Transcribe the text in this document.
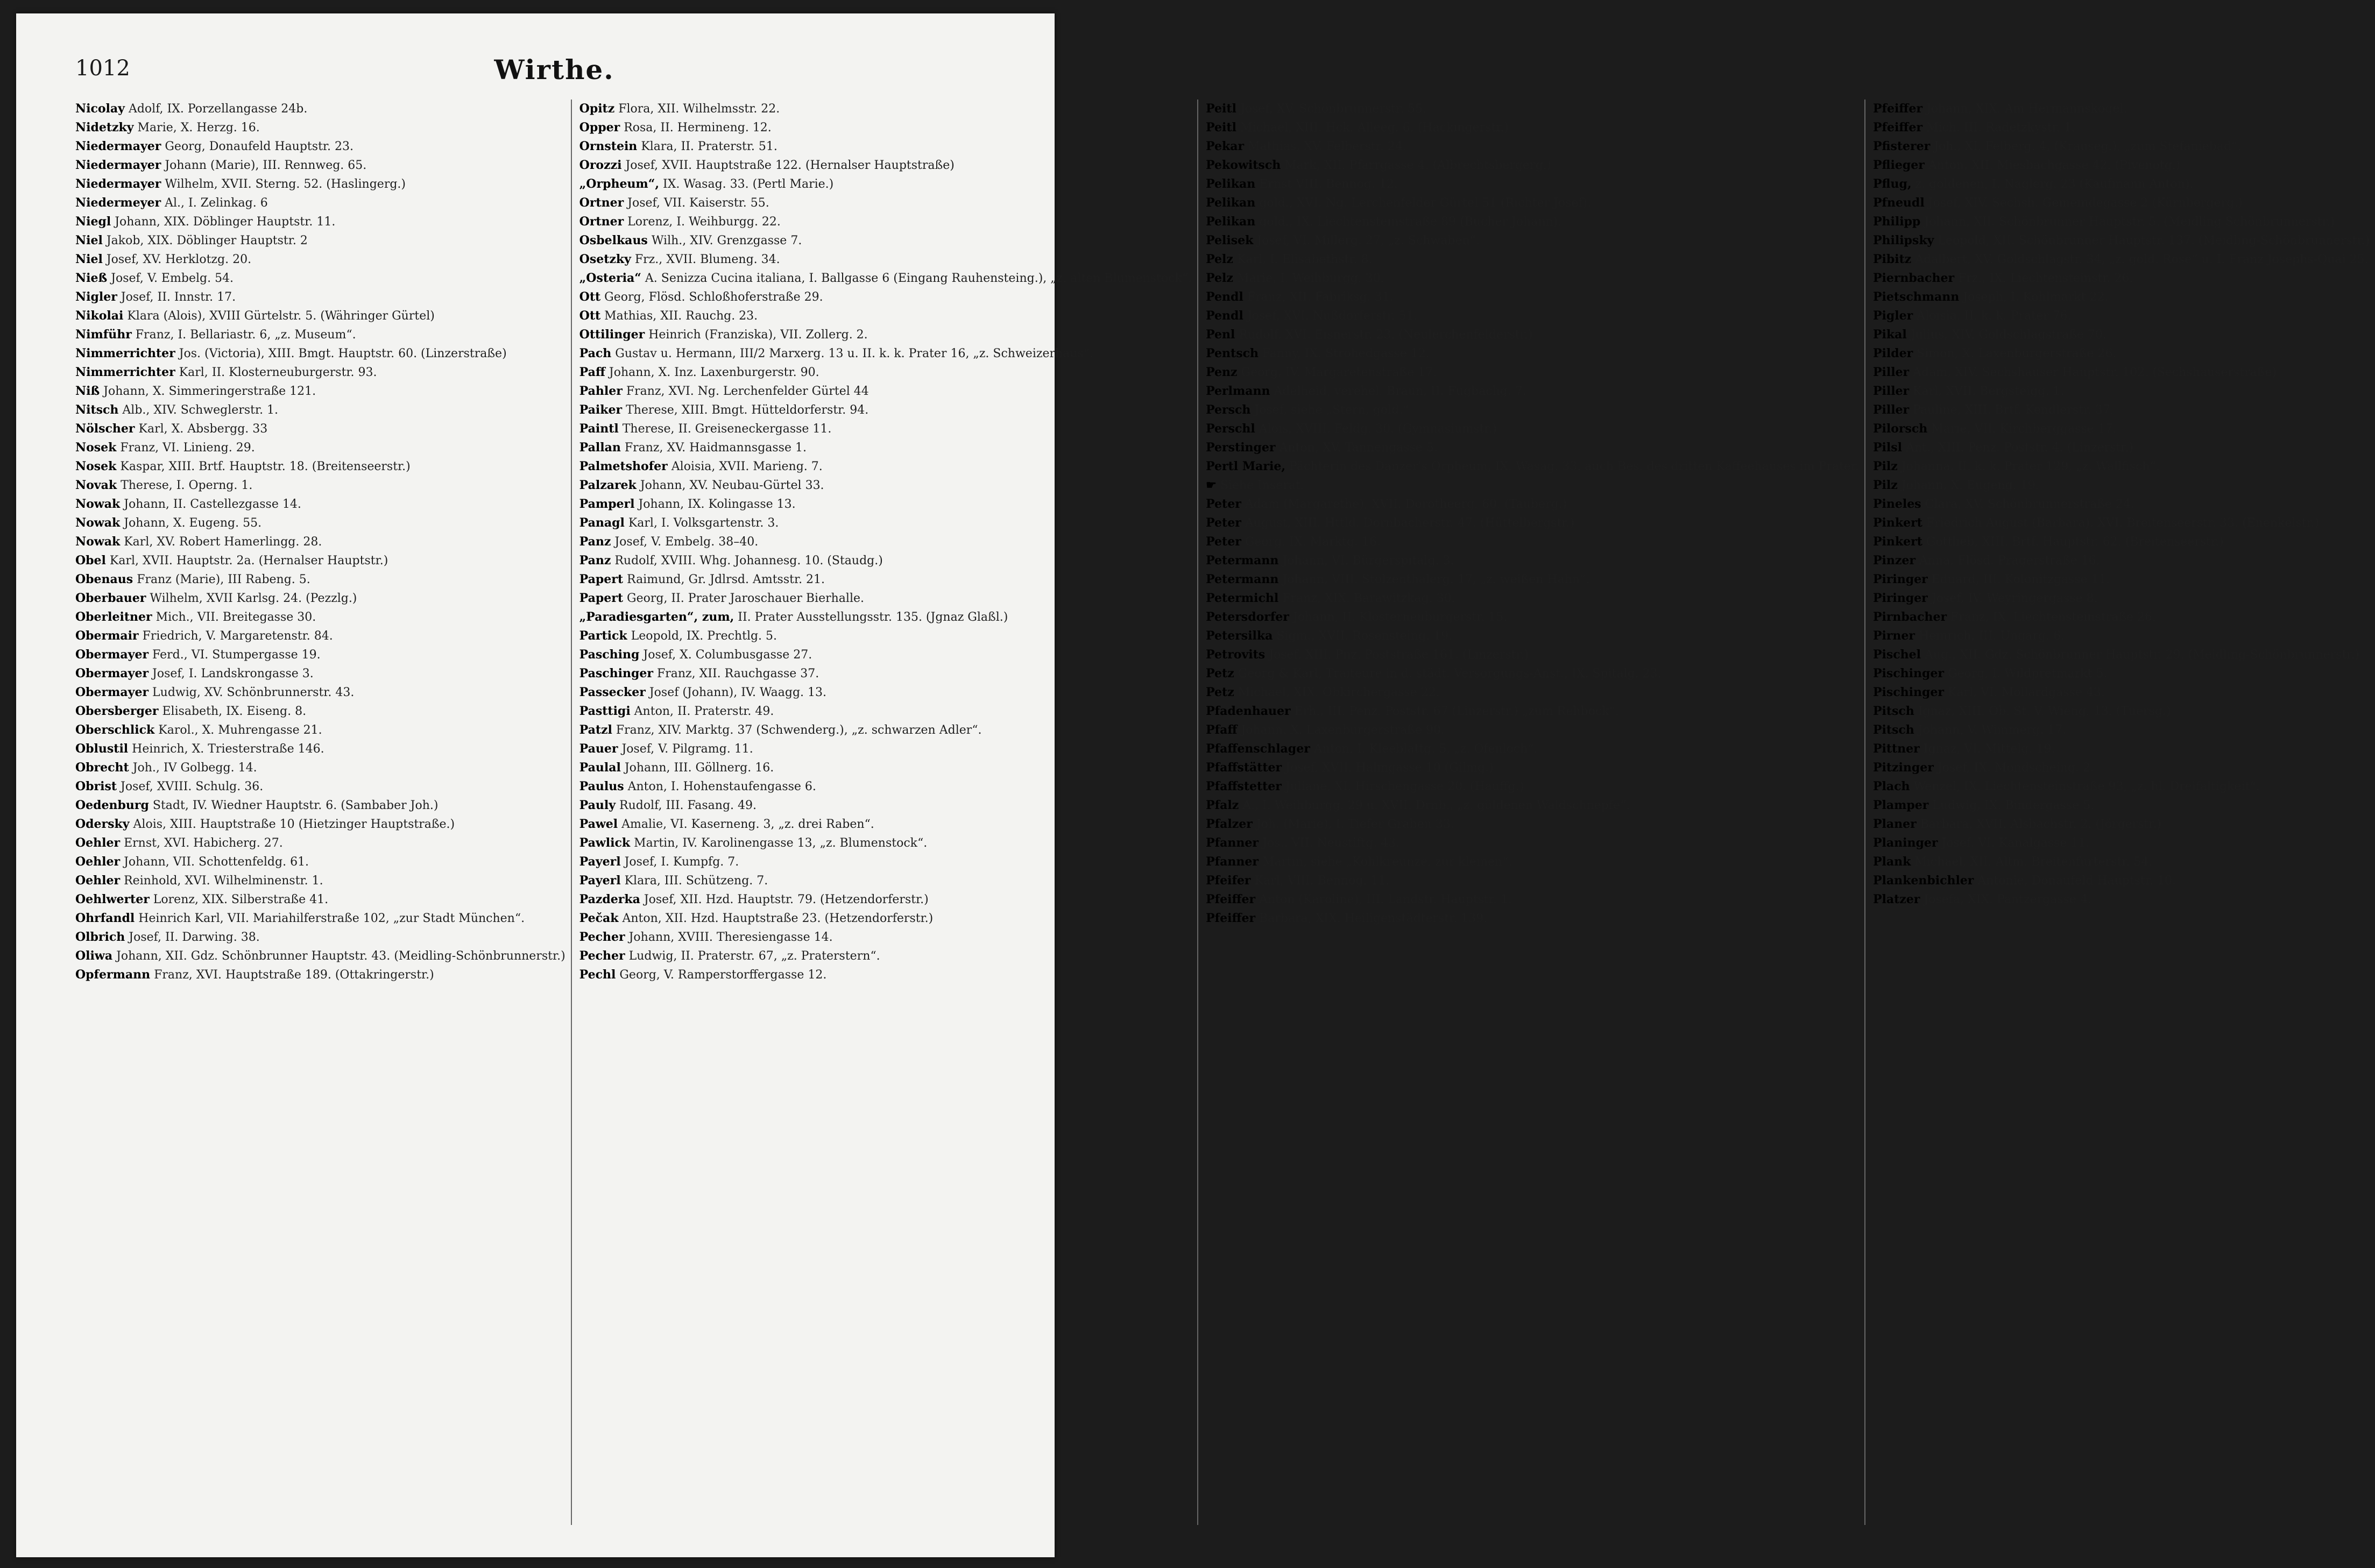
1012	Wirthe.
Nicolay Adolf, IX. Porzellangasse 24b.
Nidetzky Marie, X. Herzg. 16.
Niedermayer Georg, Donaufeld Hauptstr. 23.
Niedermayer Johann (Marie), III. Rennweg. 65.
Niedermayer Wilhelm, XVII. Sterng. 52. (Haslingerg.)
Niedermeyer Al., I. Zelinkag. 6
Niegl Johann, XIX. Döblinger Hauptstr. 11.
Niel Jakob, XIX. Döblinger Hauptstr. 2
Niel Josef, XV. Herklotzg. 20.
Nieß Josef, V. Embelg. 54.
Nigler Josef, II. Innstr. 17.
Nikolai Klara (Alois), XVIII Gürtelstr. 5. (Währinger Gürtel)
Nimführ Franz, I. Bellariastr. 6, „z. Museum“.
Nimmerrichter Jos. (Victoria), XIII. Bmgt. Hauptstr. 60. (Linzerstraße)
Nimmerrichter Karl, II. Klosterneuburgerstr. 93.
Niß Johann, X. Simmeringerstraße 121.
Nitsch Alb., XIV. Schweglerstr. 1.
Nölscher Karl, X. Absbergg. 33
Nosek Franz, VI. Linieng. 29.
Nosek Kaspar, XIII. Brtf. Hauptstr. 18. (Breitenseerstr.)
Novak Therese, I. Operng. 1.
Nowak Johann, II. Castellezgasse 14.
Nowak Johann, X. Eugeng. 55.
Nowak Karl, XV. Robert Hamerlingg. 28.
Obel Karl, XVII. Hauptstr. 2a. (Hernalser Hauptstr.)
Obenaus Franz (Marie), III Rabeng. 5.
Oberbauer Wilhelm, XVII Karlsg. 24. (Pezzlg.)
Oberleitner Mich., VII. Breitegasse 30.
Obermair Friedrich, V. Margaretenstr. 84.
Obermayer Ferd., VI. Stumpergasse 19.
Obermayer Josef, I. Landskrongasse 3.
Obermayer Ludwig, XV. Schönbrunnerstr. 43.
Obersberger Elisabeth, IX. Eiseng. 8.
Oberschlick Karol., X. Muhrengasse 21.
Oblustil Heinrich, X. Triesterstraße 146.
Obrecht Joh., IV Golbegg. 14.
Obrist Josef, XVIII. Schulg. 36.
Oedenburg Stadt, IV. Wiedner Hauptstr. 6. (Sambaber Joh.)
Odersky Alois, XIII. Hauptstraße 10 (Hietzinger Hauptstraße.)
Oehler Ernst, XVI. Habicherg. 27.
Oehler Johann, VII. Schottenfeldg. 61.
Oehler Reinhold, XVI. Wilhelminenstr. 1.
Oehlwerter Lorenz, XIX. Silberstraße 41.
Ohrfandl Heinrich Karl, VII. Mariahilferstraße 102, „zur Stadt München“.
Olbrich Josef, II. Darwing. 38.
Oliwa Johann, XII. Gdz. Schönbrunner Hauptstr. 43. (Meidling-Schönbrunnerstr.)
Opfermann Franz, XVI. Hauptstraße 189. (Ottakringerstr.)
Opitz Flora, XII. Wilhelmsstr. 22.
Opper Rosa, II. Hermineng. 12.
Ornstein Klara, II. Praterstr. 51.
Orozzi Josef, XVII. Hauptstraße 122. (Hernalser Hauptstraße)
„Orpheum“, IX. Wasag. 33. (Pertl Marie.)
Ortner Josef, VII. Kaiserstr. 55.
Ortner Lorenz, I. Weihburgg. 22.
Osbelkaus Wilh., XIV. Grenzgasse 7.
Osetzky Frz., XVII. Blumeng. 34.
„Osteria“ A. Senizza Cucina italiana, I. Ballgasse 6 (Eingang Rauhensteing.), „z. alten Blumenstock“.
Ott Georg, Flösd. Schloßhoferstraße 29.
Ott Mathias, XII. Rauchg. 23.
Ottilinger Heinrich (Franziska), VII. Zollerg. 2.
Pach Gustav u. Hermann, III/2 Marxerg. 13 u. II. k. k. Prater 16, „z. Schweizerhaus“.
Paff Johann, X. Inz. Laxenburgerstr. 90.
Pahler Franz, XVI. Ng. Lerchenfelder Gürtel 44
Paiker Therese, XIII. Bmgt. Hütteldorferstr. 94.
Paintl Therese, II. Greiseneckergasse 11.
Pallan Franz, XV. Haidmannsgasse 1.
Palmetshofer Aloisia, XVII. Marieng. 7.
Palzarek Johann, XV. Neubau-Gürtel 33.
Pamperl Johann, IX. Kolingasse 13.
Panagl Karl, I. Volksgartenstr. 3.
Panz Josef, V. Embelg. 38–40.
Panz Rudolf, XVIII. Whg. Johannesg. 10. (Staudg.)
Papert Raimund, Gr. Jdlrsd. Amtsstr. 21.
Papert Georg, II. Prater Jaroschauer Bierhalle.
„Paradiesgarten“, zum, II. Prater Ausstellungsstr. 135. (Jgnaz Glaßl.)
Partick Leopold, IX. Prechtlg. 5.
Pasching Josef, X. Columbusgasse 27.
Paschinger Franz, XII. Rauchgasse 37.
Passecker Josef (Johann), IV. Waagg. 13.
Pasttigi Anton, II. Praterstr. 49.
Patzl Franz, XIV. Marktg. 37 (Schwenderg.), „z. schwarzen Adler“.
Pauer Josef, V. Pilgramg. 11.
Paulal Johann, III. Göllnerg. 16.
Paulus Anton, I. Hohenstaufengasse 6.
Pauly Rudolf, III. Fasang. 49.
Pawel Amalie, VI. Kaserneng. 3, „z. drei Raben“.
Pawlick Martin, IV. Karolinengasse 13, „z. Blumenstock“.
Payerl Josef, I. Kumpfg. 7.
Payerl Klara, III. Schützeng. 7.
Pazderka Josef, XII. Hzd. Hauptstr. 79. (Hetzendorferstr.)
Pečak Anton, XII. Hzd. Hauptstraße 23. (Hetzendorferstr.)
Pecher Johann, XVIII. Theresiengasse 14.
Pecher Ludwig, II. Praterstr. 67, „z. Praterstern“.
Pechl Georg, V. Ramperstorffergasse 12.
Peitl Josef, XV. Schönbrunnerstr. 55.
Peitl Michael, XIII. Hck. Alleeg. 6. (Hackingerstr.)
Pekar Mathias, XV. Felberstr. 24.
Pekowitsch Mark, XII. Pfarrgasse 4. (Albrechtsbergerg.)
Pelikan Ernst VIII. Bennog. 12.
Pelikan gold., XVI. Ng. Lerchenfelder Gürtel 51 (Richter Josef).
Pelikan gold., IX. Liechtensteinstraße 89 (Bucher Johann).
Pelisek Josef, VI. Millerg. 27, „z. Schwaben“.
Pelz Karl, I. Elisabethstr. 8.
Pelz Marie, I. Weihburgg. 30.
Pendl Franz, XII. Fabriksg. 31.
Pendl Josef, XVI. Nußdorferstr. 51.
Penl Rudolf, XVI. Eisnerstr. 23. (Neulerchenfelderstr.)
Pentsch Fanny, IX. Strohedgasse 12.
Penz Georg, IV. Margaretenstraße 17.
Perlmann Adelheid, verehel. Braun, II. Fugbachg. 7.
Persch Josef, siehe „Stern, gold.“
Perschl Alois, XVIII. Feldg. 30. (Gymnasiumstr.)
Perstinger Anton, XV. Tannengasse 5.
Pertl Marie, Pächterin des Danzer's Orpheum, IX. Wasag. 33. auch Bes. des dritten Kaffeehauses im Prater.
☛ Siehe Inserat.
Peter Adam (Margarethe), XVII. Dorotheerg. 60. (Tauberg.)
Peter August, XIII. Httld. Dornbacherstr. 47. (Hüttelbergstr.)
Peter Georg, IX. Marktg. 16.
Petermann Johann, VI. Bürgerspitalg. 3.
Petermann Johann, VIII. Stolzenthalerg. 17, „z. weißen Hahn“.
Petermichl Franz, XIX. Barawitzkag. 30.
Petersdorfer Johann, II. Klosterneuburgerstr. 15.
Petersilka Sigm., XVII. Rosensteing. 19.
Petrovits Josef, XIII. Pnz. Poststraße 161. (Linzerstr.)
Petz Georg & Karl, Traiteure in d. städt. Versorgungs-Anst., IX. Spitalg. 23.
Petz Michael, XIX. Obkirchergasse 22.
Pfadenhauer Erh., III. Penz. Poststr. 67 (Linzerstr.) „zum Rehbock“.
Pfaff Johann, X. Laxenburgerstraße 90.
Pfaffenschlager Anton, I. Kleeblattg. 5, „z. Ofenloch“.
Pfaffstätter Josef, XVII. Halmgasse 10 (Gilmg.)
Pfaffstetter Juliane, XI. Hirschengasse 20. (Hauffg.)
Pfalz A., I. Weihburgg. 29 u. XVII. Drnb., „z. güldenen Waldschnepfe“.
Pfalzer Joh. (Marie), I. Tiefer Graben 33.
Pfanner Jos., VII. Neustiftg. 43.
Pfanner Martin, siehe „Kohlkreunze, zur kleinen“.
Pfeifer Karl, VIII. Bennog. 11.
Pfeiffer Anton (Karoline), III. Landstr. Hauptstr. 1.
Pfeiffer Barbara, XIX. Heiligenstädterstr. 139.
Pfeiffer Johann, XIX. Am Hermannskogel.
Pfeiffer Mich. III. Radetzkystr. 1.
Pfisterer Joh., XI. Felberg. 4, (Krauseg.), „zum Stefaniebad“.
Pflieger Anton, XII. Miesbachgasse 42. (Pivenotg.)
Pflug, z. goldenen, I. Naglerg. 23 (Kaufmann Anton).
Pfneudl Josef, XIV. Sechsh. Gemeindegasse 2 (Kürnbergerg.)
Philipp Johann, XII. Schönbrunner Hauptstr. 5. (Meidling Schönbrunnerstr.)
Philipsky Leopold, XII. Schönbrunner Hauptstr. 137. (Meidling-Schönbrunnerstr.)
Pibitz Adalbert, XV. Goldschlagstr. 34, „z. gold. Rose“ u. I. Franz Josephs-Quai 25.
Piernbacher Frz., IX. Liechtensteinstr. 26.
Pietschmann Joseph, I. Kohlmarkt 22.
Pigler Aloisia, II. k. k. Prater 76.
Pikal Julius, XIV. Goldschlagstraße 70.
Pilder Simon, X. Laxenburgerstraße 26.
Piller Adam, XIV. Sechshauser Hauptstr. 102. (Sechshauserstraße)
Piller Karl, XVII. Bergsteigg. 1.
Piller Pauline, XIII. Brtf. Kendlerstr. 37.
Pilorsch Marie, VII. Kirchberggasse 17.
Pilsl Ant., XIII. Penz. Poststr. 4. (Linzerstr.)
Pilz Johanna, II. k. k. Prater 129, „z. Wallfisch“.
Pilz Johann, X. Eugeng. 19.
Pineles Clara, XV. Schönbrunnerstraße 24.
Pinkert Friedrich August (Barbara), XVI. Breitenseerstr. 33. (Enenkelstr.)
Pinkert Gottlieb, XIII. Brtf. Hauptstr. 62. (Breitenseerstr.)
Pinzer Anna, Flösd. Pragerstraße 16.
Piringer Eduard, III. Kolonitzgasse 11.
Piringer Josef, IV. Weyringergasse 8.
Pirnbacher Franz, IX. Liechtensteinstraße 26.
Pirner Heinrich, III. Ungarg. 6.
Pischel Aug., XII. Gdz. Schönbrunner Hauptstr. 29. (Meidling-Schönbrunnerstr.)
Pischinger Georg, I. Wildpretmarkt 5.
Pischinger Karl, VI. Mollardgasse 43.
Pitsch Ignaz, XIII. Ob. St. V. Wieng. 13. (Tuersg.)
Pitsch Johann, V. Wimmerg. 17.
Pittner Ignaz, VI. Mittelg. 19.
Pitzinger Josef, IX. Mondscheing. 2.
Plach Wenzel, IX. Liechtensteinstraße 93, „z. hl. Dreifaltigkeit“.
Plamper Ludwig, IX. Bindergasse 5.
Planer Barbara, XVII. Alsbachstr. 2. (Jörgerstr.)
Planinger Josef, VI. Kanalgasse 11.
Plank Michael, XII. Altm. Breitenfurterstr. 54.
Plankenbichler Antonie, Donaufeld Hauptstr. 10.
Platzer Josefa, XIX. Pantzergasse 4.
